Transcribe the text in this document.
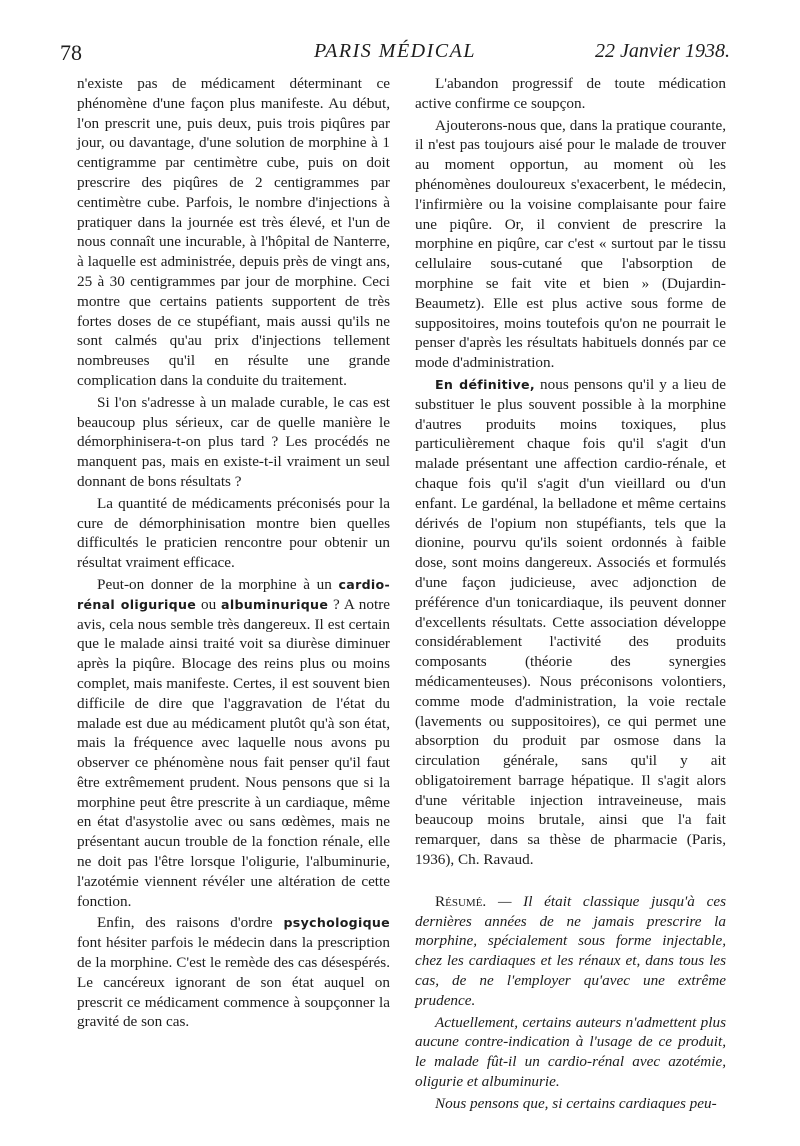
78	PARIS MÉDICAL	22 Janvier 1938.

n'existe pas de médicament déterminant ce phénomène d'une façon plus manifeste. Au début, l'on prescrit une, puis deux, puis trois piqûres par jour, ou davantage, d'une solution de morphine à 1 centigramme par centimètre cube, puis on doit prescrire des piqûres de 2 centigrammes par centimètre cube. Parfois, le nombre d'injections à pratiquer dans la journée est très élevé, et l'un de nous connaît une incurable, à l'hôpital de Nanterre, à laquelle est administrée, depuis près de vingt ans, 25 à 30 centigrammes par jour de morphine. Ceci montre que certains patients supportent de très fortes doses de ce stupéfiant, mais aussi qu'ils ne sont calmés qu'au prix d'injections tellement nombreuses qu'il en résulte une grande complication dans la conduite du traitement.

Si l'on s'adresse à un malade curable, le cas est beaucoup plus sérieux, car de quelle manière le démorphinisera-t-on plus tard ? Les procédés ne manquent pas, mais en existe-t-il vraiment un seul donnant de bons résultats ?

La quantité de médicaments préconisés pour la cure de démorphinisation montre bien quelles difficultés le praticien rencontre pour obtenir un résultat vraiment efficace.

Peut-on donner de la morphine à un cardio-rénal oligurique ou albuminurique ? A notre avis, cela nous semble très dangereux. Il est certain que le malade ainsi traité voit sa diurèse diminuer après la piqûre. Blocage des reins plus ou moins complet, mais manifeste. Certes, il est souvent bien difficile de dire que l'aggravation de l'état du malade est due au médicament plutôt qu'à son état, mais la fréquence avec laquelle nous avons pu observer ce phénomène nous fait penser qu'il faut être extrêmement prudent. Nous pensons que si la morphine peut être prescrite à un cardiaque, même en état d'asystolie avec ou sans œdèmes, mais ne présentant aucun trouble de la fonction rénale, elle ne doit pas l'être lorsque l'oligurie, l'albuminurie, l'azotémie viennent révéler une altération de cette fonction.

Enfin, des raisons d'ordre psychologique font hésiter parfois le médecin dans la prescription de la morphine. C'est le remède des cas désespérés. Le cancéreux ignorant de son état auquel on prescrit ce médicament commence à soupçonner la gravité de son cas.

L'abandon progressif de toute médication active confirme ce soupçon.

Ajouterons-nous que, dans la pratique courante, il n'est pas toujours aisé pour le malade de trouver au moment opportun, au moment où les phénomènes douloureux s'exacerbent, le médecin, l'infirmière ou la voisine complaisante pour faire une piqûre. Or, il convient de prescrire la morphine en piqûre, car c'est « surtout par le tissu cellulaire sous-cutané que l'absorption de morphine se fait vite et bien » (Dujardin-Beaumetz). Elle est plus active sous forme de suppositoires, moins toutefois qu'on ne pourrait le penser d'après les résultats habituels donnés par ce mode d'administration.

En définitive, nous pensons qu'il y a lieu de substituer le plus souvent possible à la morphine d'autres produits moins toxiques, plus particulièrement chaque fois qu'il s'agit d'un malade présentant une affection cardio-rénale, et chaque fois qu'il s'agit d'un vieillard ou d'un enfant. Le gardénal, la belladone et même certains dérivés de l'opium non stupéfiants, tels que la dionine, pourvu qu'ils soient ordonnés à faible dose, sont moins dangereux. Associés et formulés d'une façon judicieuse, avec adjonction de préférence d'un tonicardiaque, ils peuvent donner d'excellents résultats. Cette association développe considérablement l'activité des produits composants (théorie des synergies médicamenteuses). Nous préconisons volontiers, comme mode d'administration, la voie rectale (lavements ou suppositoires), ce qui permet une absorption du produit par osmose dans la circulation générale, sans qu'il y ait obligatoirement barrage hépatique. Il s'agit alors d'une véritable injection intraveineuse, mais beaucoup moins brutale, ainsi que l'a fait remarquer, dans sa thèse de pharmacie (Paris, 1936), Ch. Ravaud.

Résumé. — Il était classique jusqu'à ces dernières années de ne jamais prescrire la morphine, spécialement sous forme injectable, chez les cardiaques et les rénaux et, dans tous les cas, de ne l'employer qu'avec une extrême prudence.

Actuellement, certains auteurs n'admettent plus aucune contre-indication à l'usage de ce produit, le malade fût-il un cardio-rénal avec azotémie, oligurie et albuminurie.

Nous pensons que, si certains cardiaques peu-
